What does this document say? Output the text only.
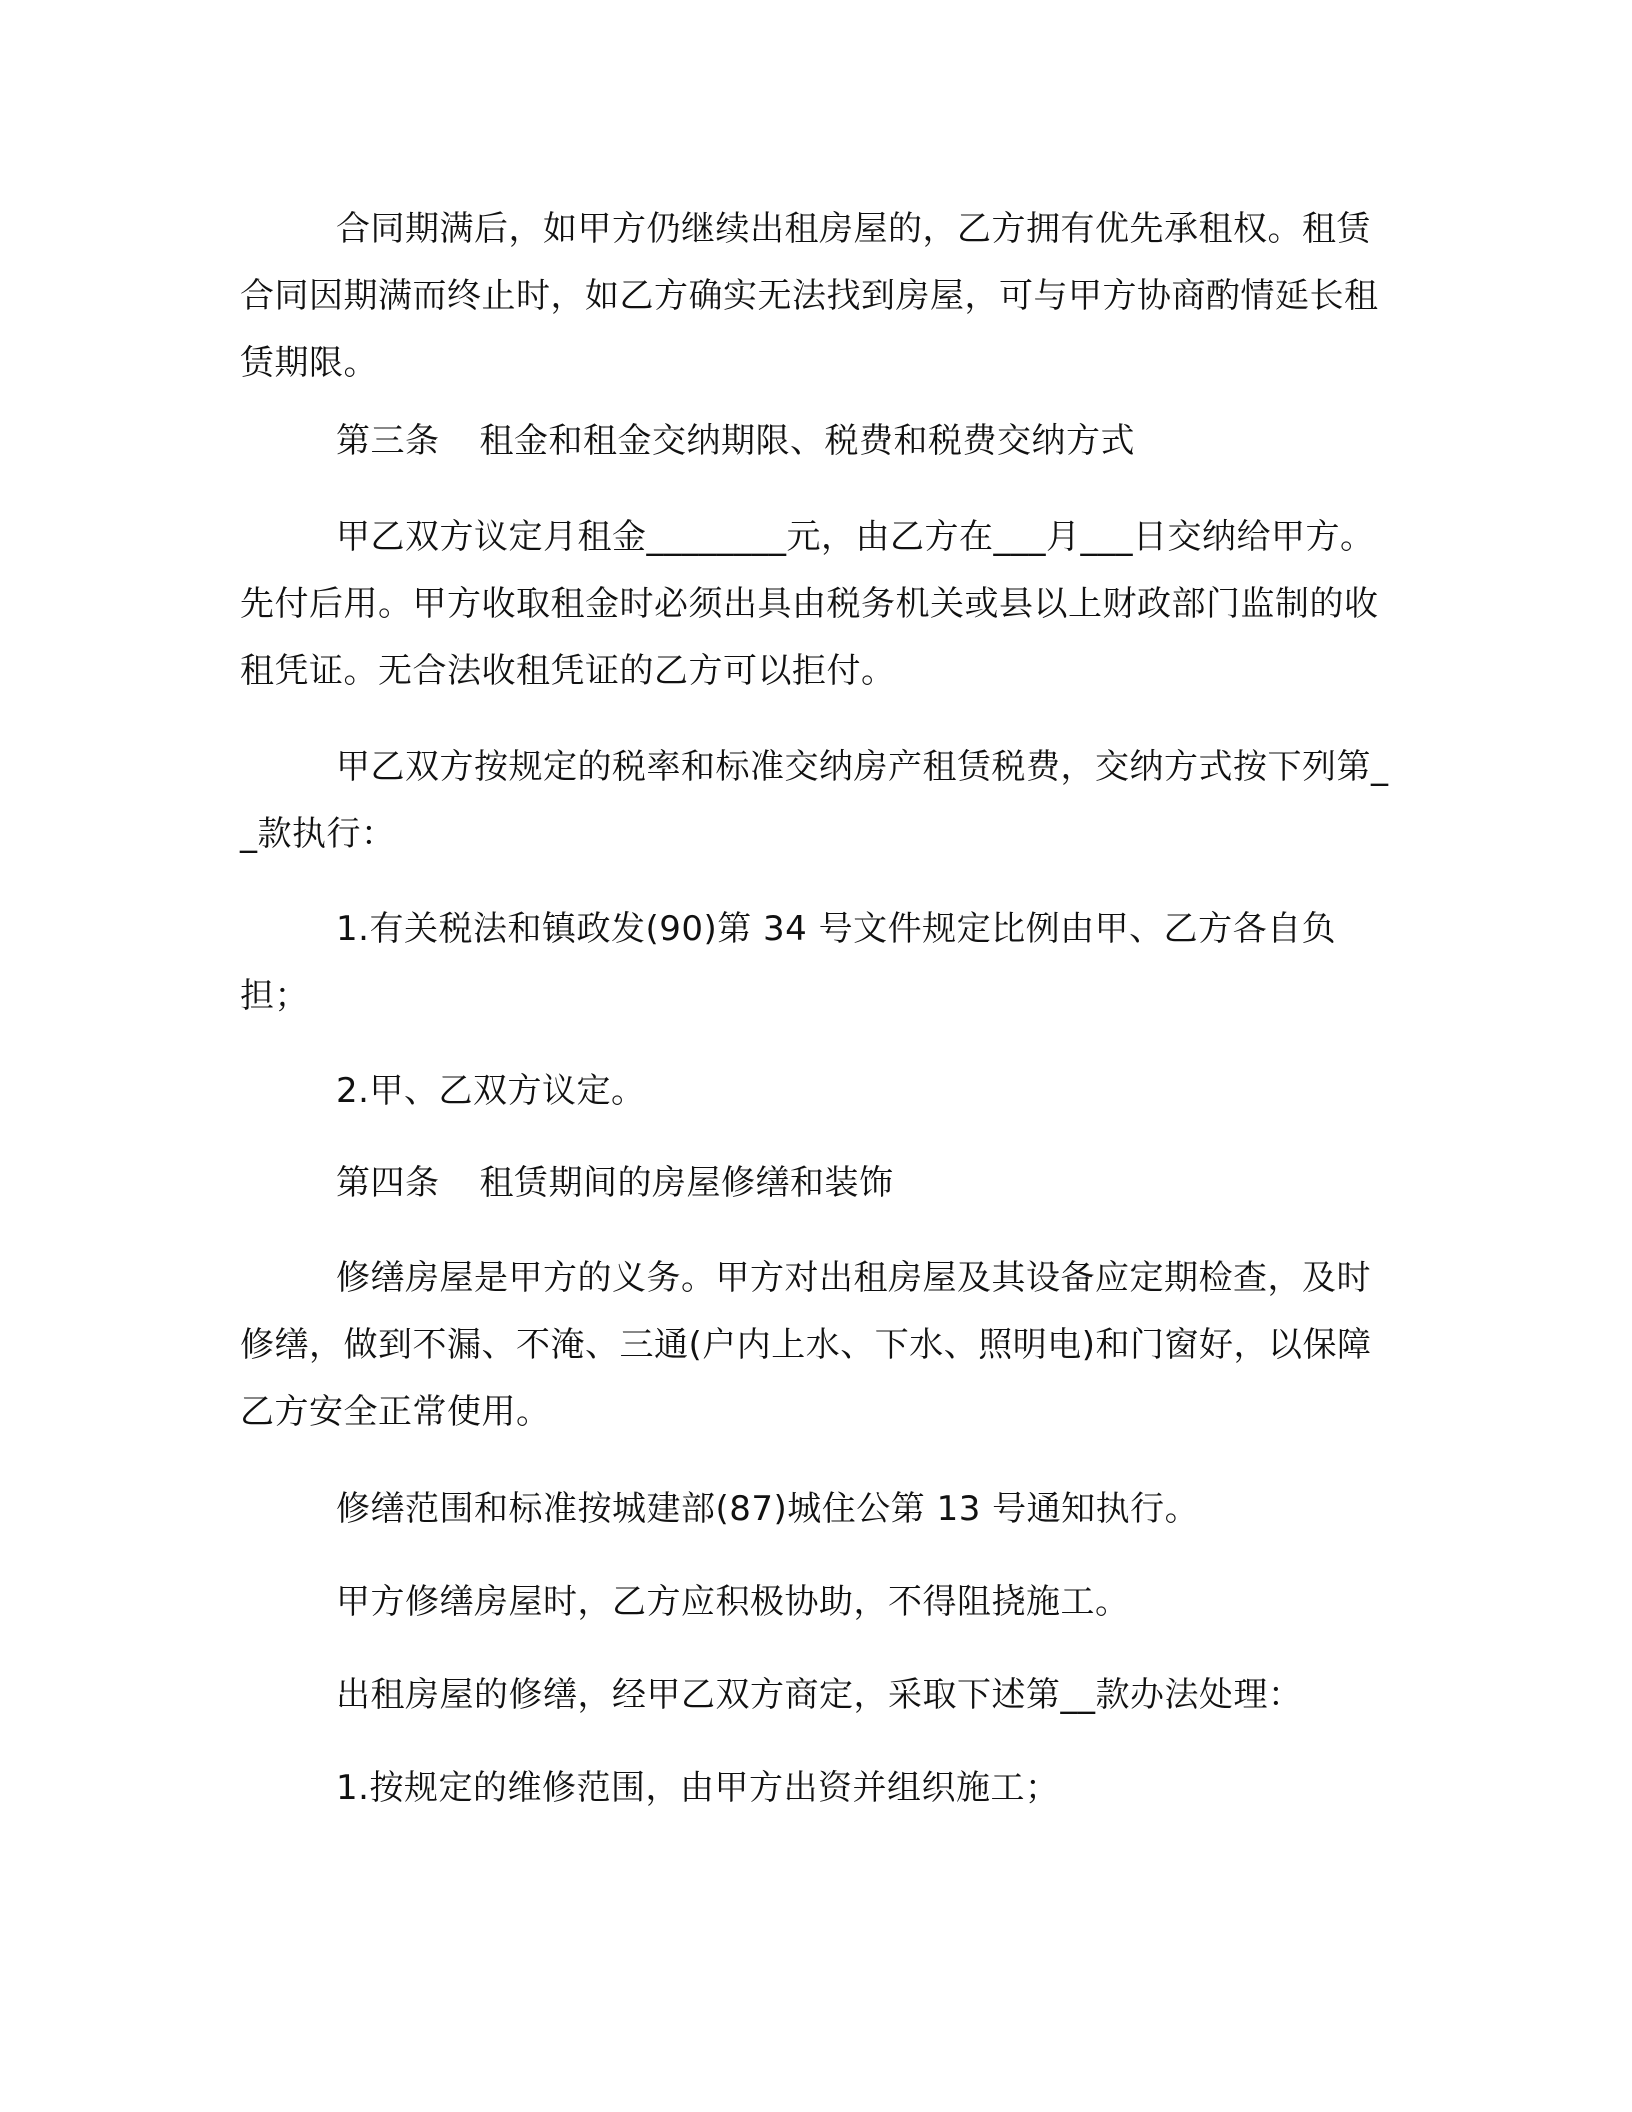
合同期满后，如甲方仍继续出租房屋的，乙方拥有优先承租权。租赁合同因期满而终止时，如乙方确实无法找到房屋，可与甲方协商酌情延长租赁期限。

第三条 租金和租金交纳期限、税费和税费交纳方式

甲乙双方议定月租金________元，由乙方在___月___日交纳给甲方。先付后用。甲方收取租金时必须出具由税务机关或县以上财政部门监制的收租凭证。无合法收租凭证的乙方可以拒付。

甲乙双方按规定的税率和标准交纳房产租赁税费，交纳方式按下列第__款执行：

1.有关税法和镇政发(90)第 34 号文件规定比例由甲、乙方各自负担；

2.甲、乙双方议定。

第四条 租赁期间的房屋修缮和装饰

修缮房屋是甲方的义务。甲方对出租房屋及其设备应定期检查，及时修缮，做到不漏、不淹、三通(户内上水、下水、照明电)和门窗好，以保障乙方安全正常使用。

修缮范围和标准按城建部(87)城住公第 13 号通知执行。

甲方修缮房屋时，乙方应积极协助，不得阻挠施工。

出租房屋的修缮，经甲乙双方商定，采取下述第__款办法处理：

1.按规定的维修范围，由甲方出资并组织施工；
